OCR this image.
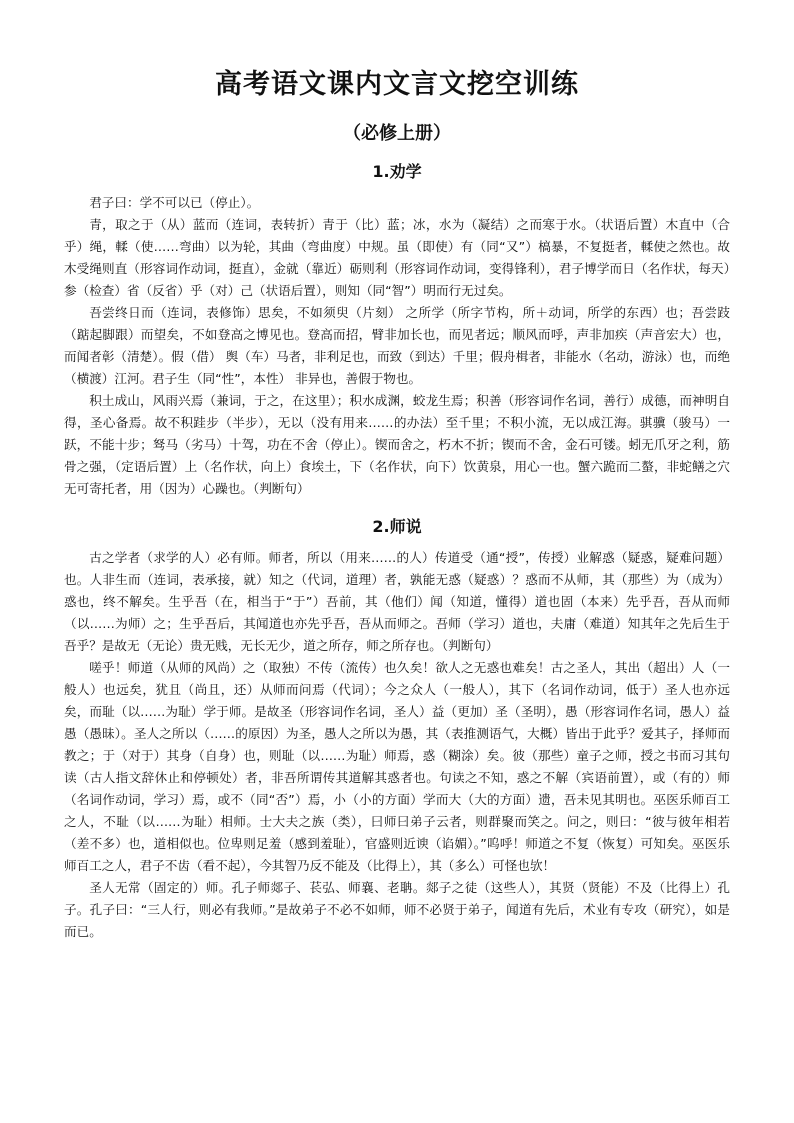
高考语文课内文言文挖空训练
（必修上册）
1.劝学

君子曰：学不可以已（停止）。

青，取之于（从）蓝而（连词，表转折）青于（比）蓝；冰，水为（凝结）之而寒于水。（状语后置）木直中（合乎）绳，輮（使……弯曲）以为轮，其曲（弯曲度）中规。虽（即使）有（同“又”）槁暴，不复挺者，輮使之然也。故木受绳则直（形容词作动词，挺直），金就（靠近）砺则利（形容词作动词，变得锋利），君子博学而日（名作状，每天）参（检查）省（反省）乎（对）己（状语后置），则知（同“智”）明而行无过矣。

吾尝终日而（连词，表修饰）思矣，不如须臾（片刻） 之所学（所字节构，所＋动词，所学的东西）也；吾尝跂（踮起脚跟）而望矣，不如登高之博见也。登高而招，臂非加长也，而见者远；顺风而呼，声非加疾（声音宏大）也，而闻者彰（清楚）。假（借） 舆（车）马者，非利足也，而致（到达）千里；假舟楫者，非能水（名动，游泳）也，而绝（横渡）江河。君子生（同“性”，本性） 非异也，善假于物也。

积土成山，风雨兴焉（兼词，于之，在这里）；积水成渊，蛟龙生焉；积善（形容词作名词，善行）成德，而神明自得，圣心备焉。故不积跬步（半步），无以（没有用来……的办法）至千里；不积小流，无以成江海。骐骥（骏马）一跃，不能十步；驽马（劣马）十驾，功在不舍（停止）。锲而舍之，朽木不折；锲而不舍，金石可镂。蚓无爪牙之利，筋骨之强，（定语后置）上（名作状，向上）食埃土，下（名作状，向下）饮黄泉，用心一也。蟹六跪而二螯，非蛇鳝之穴无可寄托者，用（因为）心躁也。（判断句）

2.师说

古之学者（求学的人）必有师。师者，所以（用来……的人）传道受（通“授”，传授）业解惑（疑惑，疑难问题）也。人非生而（连词，表承接，就）知之（代词，道理）者，孰能无惑（疑惑）？惑而不从师，其（那些）为（成为）惑也，终不解矣。生乎吾（在，相当于“于”）吾前，其（他们）闻（知道，懂得）道也固（本来）先乎吾，吾从而师（以……为师）之；生乎吾后，其闻道也亦先乎吾，吾从而师之。吾师（学习）道也，夫庸（难道）知其年之先后生于吾乎？是故无（无论）贵无贱，无长无少，道之所存，师之所存也。（判断句）

嗟乎！师道（从师的风尚）之（取独）不传（流传）也久矣！欲人之无惑也难矣！古之圣人，其出（超出）人（一般人）也远矣，犹且（尚且，还）从师而问焉（代词）；今之众人（一般人），其下（名词作动词，低于）圣人也亦远矣，而耻（以……为耻）学于师。是故圣（形容词作名词，圣人）益（更加）圣（圣明），愚（形容词作名词，愚人）益愚（愚昧）。圣人之所以（……的原因）为圣，愚人之所以为愚，其（表推测语气，大概）皆出于此乎？爱其子，择师而教之；于（对于）其身（自身）也，则耻（以……为耻）师焉，惑（糊涂）矣。彼（那些）童子之师，授之书而习其句读（古人指文辞休止和停顿处）者，非吾所谓传其道解其惑者也。句读之不知，惑之不解（宾语前置），或（有的）师（名词作动词，学习）焉，或不（同“否”）焉，小（小的方面）学而大（大的方面）遗，吾未见其明也。巫医乐师百工之人，不耻（以……为耻）相师。士大夫之族（类），曰师曰弟子云者，则群聚而笑之。问之，则曰：“彼与彼年相若（差不多）也，道相似也。位卑则足羞（感到羞耻），官盛则近谀（谄媚）。”呜呼！师道之不复（恢复）可知矣。巫医乐师百工之人，君子不齿（看不起），今其智乃反不能及（比得上），其（多么）可怪也欤！

圣人无常（固定的）师。孔子师郯子、苌弘、师襄、老聃。郯子之徒（这些人），其贤（贤能）不及（比得上）孔子。孔子曰：“三人行，则必有我师。”是故弟子不必不如师，师不必贤于弟子，闻道有先后，术业有专攻（研究），如是而已。
